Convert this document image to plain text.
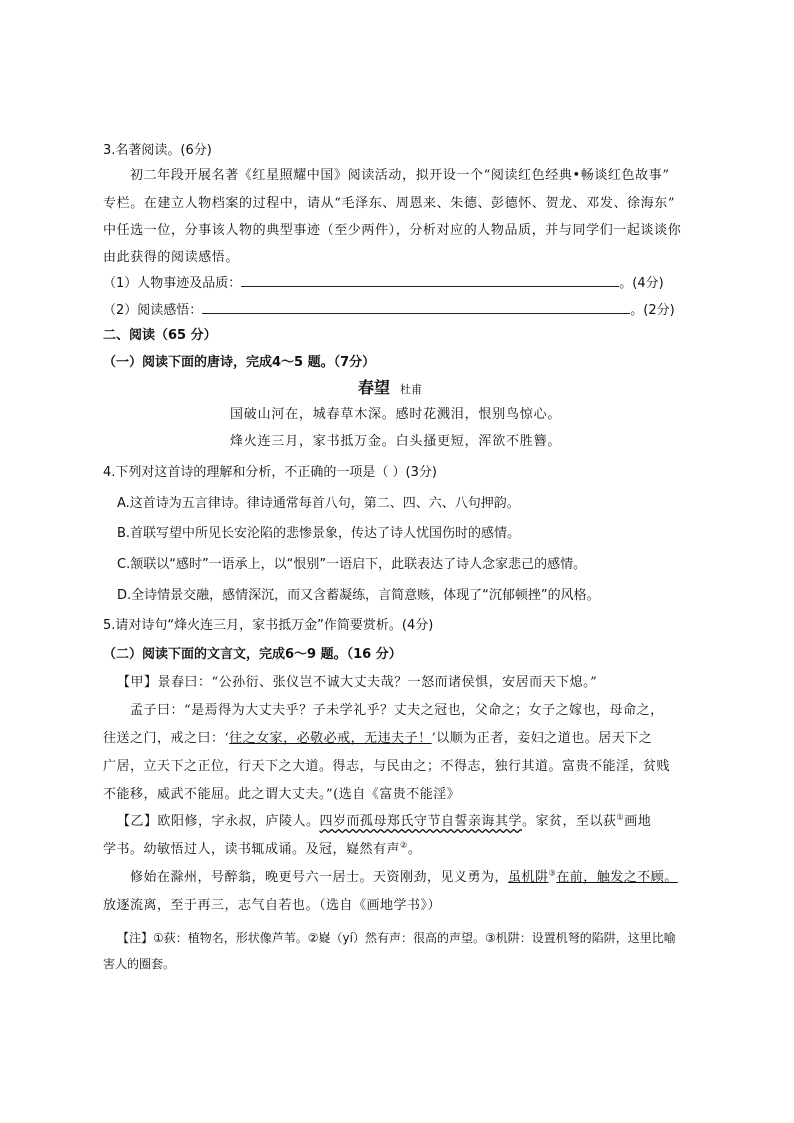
3.名著阅读。(6分)
初二年段开展名著《红星照耀中国》阅读活动，拟开设一个“阅读红色经典•畅谈红色故事”
专栏。在建立人物档案的过程中，请从“毛泽东、周恩来、朱德、彭德怀、贺龙、邓发、徐海东”
中任选一位，分事该人物的典型事迹（至少两件），分析对应的人物品质，并与同学们一起谈谈你
由此获得的阅读感悟。
（1）人物事迹及品质：	。(4分)
（2）阅读感悟：	。(2分)
二、阅读（65 分）
（一）阅读下面的唐诗，完成4～5 题。（7分）
春望 杜甫
国破山河在，城春草木深。感时花溅泪，恨别鸟惊心。
烽火连三月，家书抵万金。白头搔更短，浑欲不胜簪。
4.下列对这首诗的理解和分析，不正确的一项是（ ）(3分)
A.这首诗为五言律诗。律诗通常每首八句，第二、四、六、八句押韵。
B.首联写望中所见长安沦陷的悲惨景象，传达了诗人忧国伤时的感情。
C.颔联以“感时”一语承上，以“恨别”一语启下，此联表达了诗人念家悲己的感情。
D.全诗情景交融，感情深沉，而又含蓄凝练，言简意赅，体现了“沉郁顿挫”的风格。
5.请对诗句“烽火连三月，家书抵万金”作简要赏析。(4分)
（二）阅读下面的文言文，完成6～9 题。（16 分）
【甲】景春曰：“公孙衍、张仪岂不诚大丈夫哉？一怒而诸侯惧，安居而天下熄。”
孟子曰：“是焉得为大丈夫乎？子未学礼乎？丈夫之冠也，父命之；女子之嫁也，母命之，
往送之门，戒之曰：‘往之女家，必敬必戒，无违夫子！’以顺为正者，妾妇之道也。居天下之
广居，立天下之正位，行天下之大道。得志，与民由之；不得志，独行其道。富贵不能淫，贫贱
不能移，威武不能屈。此之谓大丈夫。”(选自《富贵不能淫》
【乙】欧阳修，字永叔，庐陵人。四岁而孤母郑氏守节自誓亲诲其学。家贫，至以荻①画地
学书。幼敏悟过人，读书辄成诵。及冠，嶷然有声②。
修始在滁州，号醉翁，晚更号六一居士。天资刚劲，见义勇为，虽机阱③在前，触发之不顾。
放逐流离，至于再三，志气自若也。（选自《画地学书》）
【注】①荻：植物名，形状像芦苇。②嶷（yí）然有声：很高的声望。③机阱：设置机弩的陷阱，这里比喻
害人的圈套。
